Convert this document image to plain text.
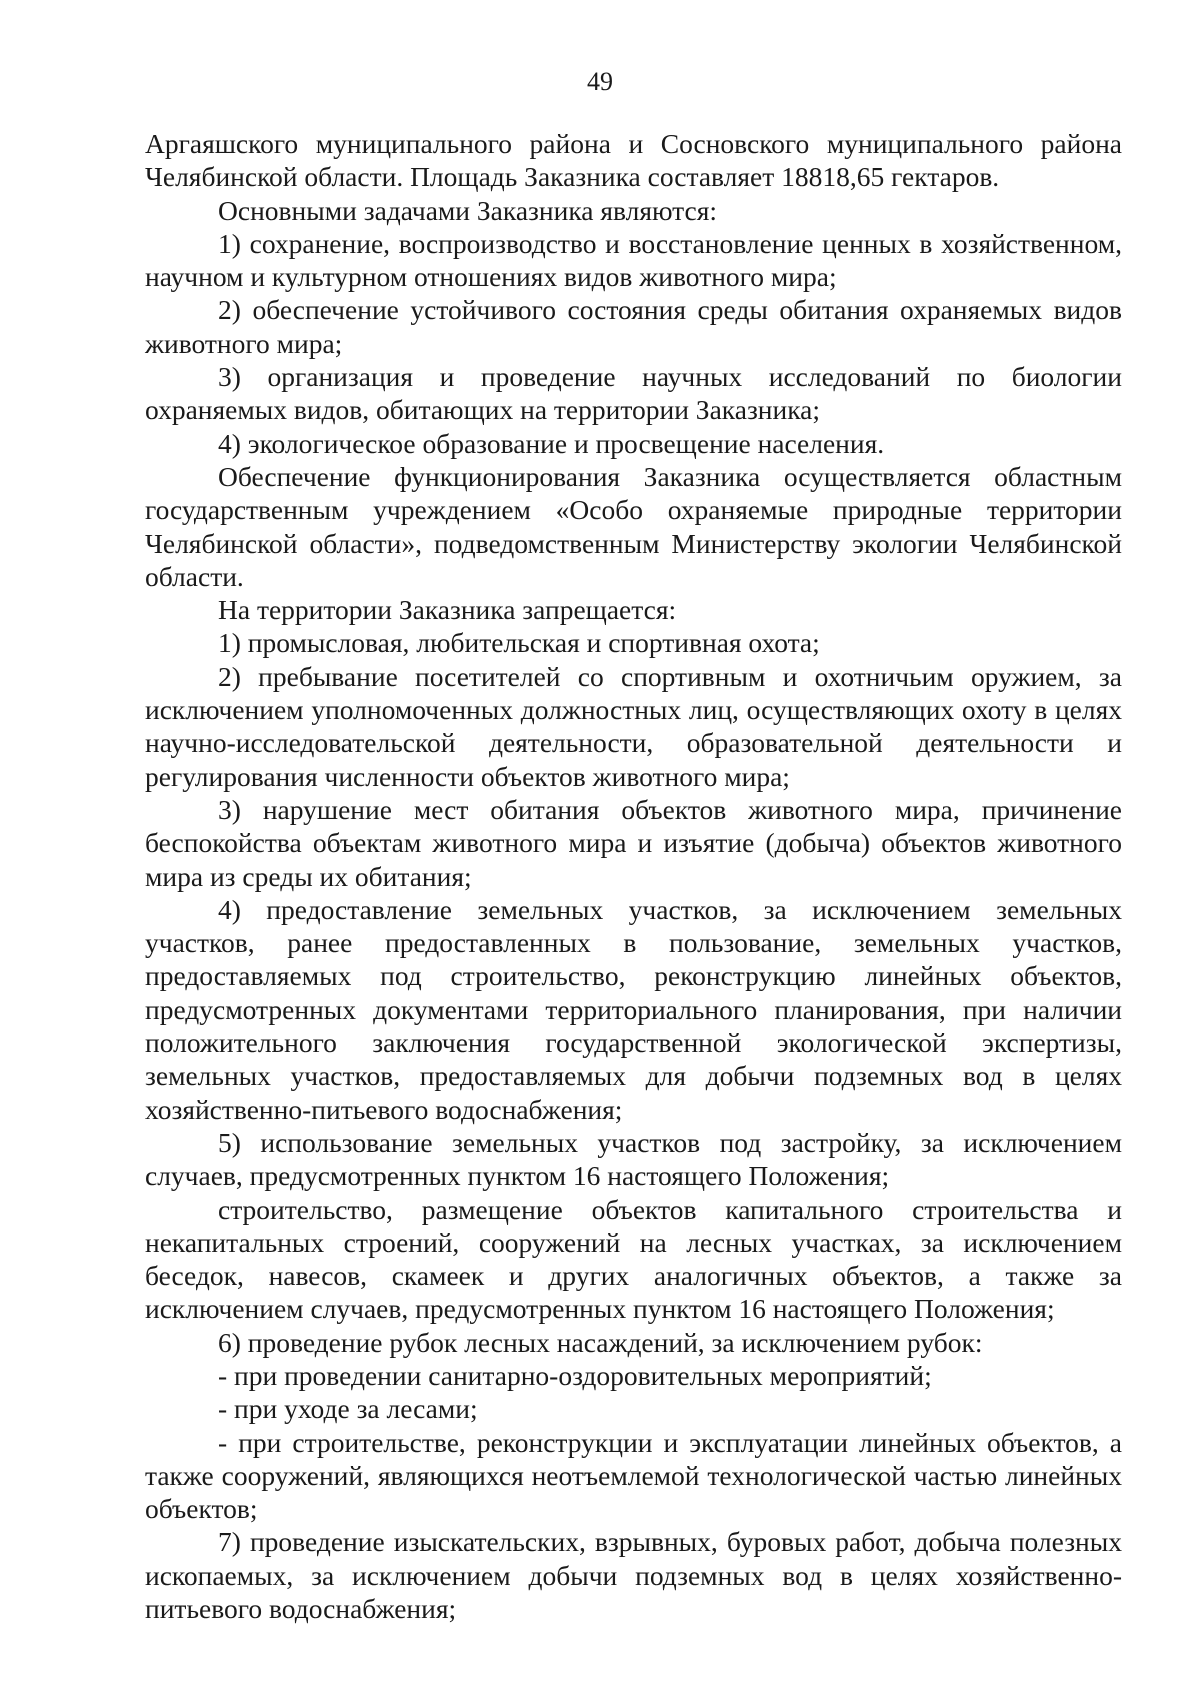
49

Аргаяшского муниципального района и Сосновского муниципального района Челябинской области. Площадь Заказника составляет 18818,65 гектаров.

Основными задачами Заказника являются:

1) сохранение, воспроизводство и восстановление ценных в хозяйственном, научном и культурном отношениях видов животного мира;

2) обеспечение устойчивого состояния среды обитания охраняемых видов животного мира;

3) организация и проведение научных исследований по биологии охраняемых видов, обитающих на территории Заказника;

4) экологическое образование и просвещение населения.

Обеспечение функционирования Заказника осуществляется областным государственным учреждением «Особо охраняемые природные территории Челябинской области», подведомственным Министерству экологии Челябинской области.

На территории Заказника запрещается:

1) промысловая, любительская и спортивная охота;

2) пребывание посетителей со спортивным и охотничьим оружием, за исключением уполномоченных должностных лиц, осуществляющих охоту в целях научно-исследовательской деятельности, образовательной деятельности и регулирования численности объектов животного мира;

3) нарушение мест обитания объектов животного мира, причинение беспокойства объектам животного мира и изъятие (добыча) объектов животного мира из среды их обитания;

4) предоставление земельных участков, за исключением земельных участков, ранее предоставленных в пользование, земельных участков, предоставляемых под строительство, реконструкцию линейных объектов, предусмотренных документами территориального планирования, при наличии положительного заключения государственной экологической экспертизы, земельных участков, предоставляемых для добычи подземных вод в целях хозяйственно-питьевого водоснабжения;

5) использование земельных участков под застройку, за исключением случаев, предусмотренных пунктом 16 настоящего Положения;

строительство, размещение объектов капитального строительства и некапитальных строений, сооружений на лесных участках, за исключением беседок, навесов, скамеек и других аналогичных объектов, а также за исключением случаев, предусмотренных пунктом 16 настоящего Положения;

6) проведение рубок лесных насаждений, за исключением рубок:

- при проведении санитарно-оздоровительных мероприятий;

- при уходе за лесами;

- при строительстве, реконструкции и эксплуатации линейных объектов, а также сооружений, являющихся неотъемлемой технологической частью линейных объектов;

7) проведение изыскательских, взрывных, буровых работ, добыча полезных ископаемых, за исключением добычи подземных вод в целях хозяйственно-питьевого водоснабжения;
